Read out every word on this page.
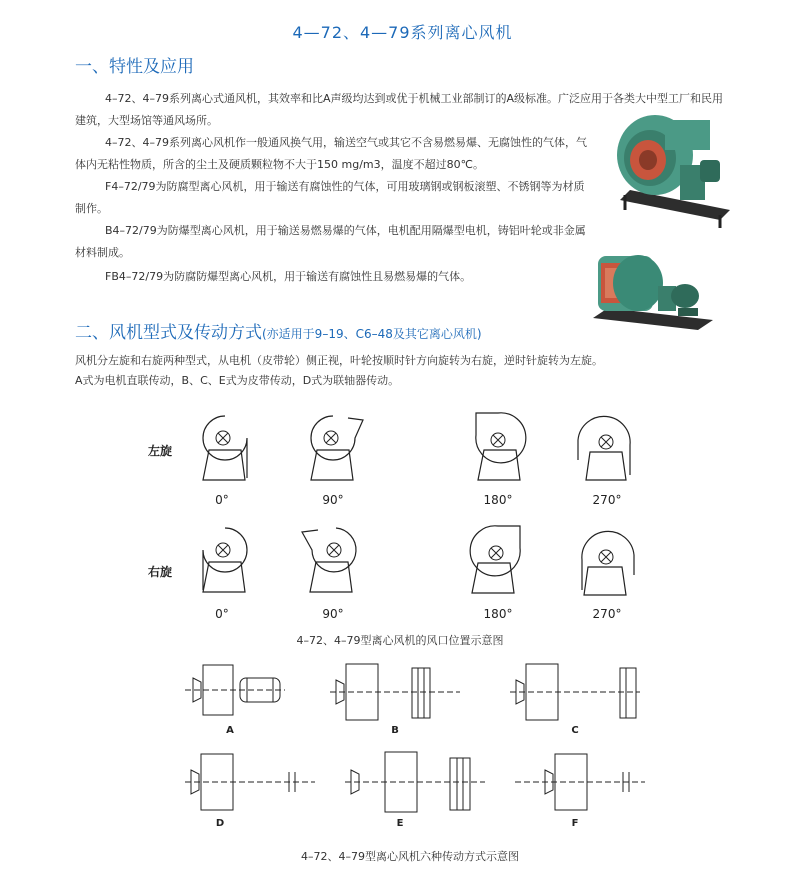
4—72、4—79系列离心风机
一、特性及应用

4–72、4–79系列离心式通风机，其效率和比A声级均达到或优于机械工业部制订的A级标准。广泛应用于各类大中型工厂和民用建筑，大型场馆等通风场所。

4–72、4–79系列离心风机作一般通风换气用，输送空气或其它不含易燃易爆、无腐蚀性的气体，气体内无粘性物质，所含的尘土及硬质颗粒物不大于150 mg/m3，温度不超过80℃。

F4–72/79为防腐型离心风机，用于输送有腐蚀性的气体，可用玻璃钢或钢板滚塑、不锈钢等为材质制作。

B4–72/79为防爆型离心风机，用于输送易燃易爆的气体，电机配用隔爆型电机，铸铝叶轮或非金属材料制成。

FB4–72/79为防腐防爆型离心风机，用于输送有腐蚀性且易燃易爆的气体。

二、风机型式及传动方式(亦适用于9–19、C6–48及其它离心风机)

风机分左旋和右旋两种型式，从电机（皮带轮）侧正视，叶轮按顺时针方向旋转为右旋，逆时针旋转为左旋。

A式为电机直联传动，B、C、E式为皮带传动，D式为联轴器传动。

左旋
右旋
0°	90°	180°	270°
0°	90°	180°	270°
4–72、4–79型离心风机的风口位置示意图
A	B	C
D	E	F
4–72、4–79型离心风机六种传动方式示意图
